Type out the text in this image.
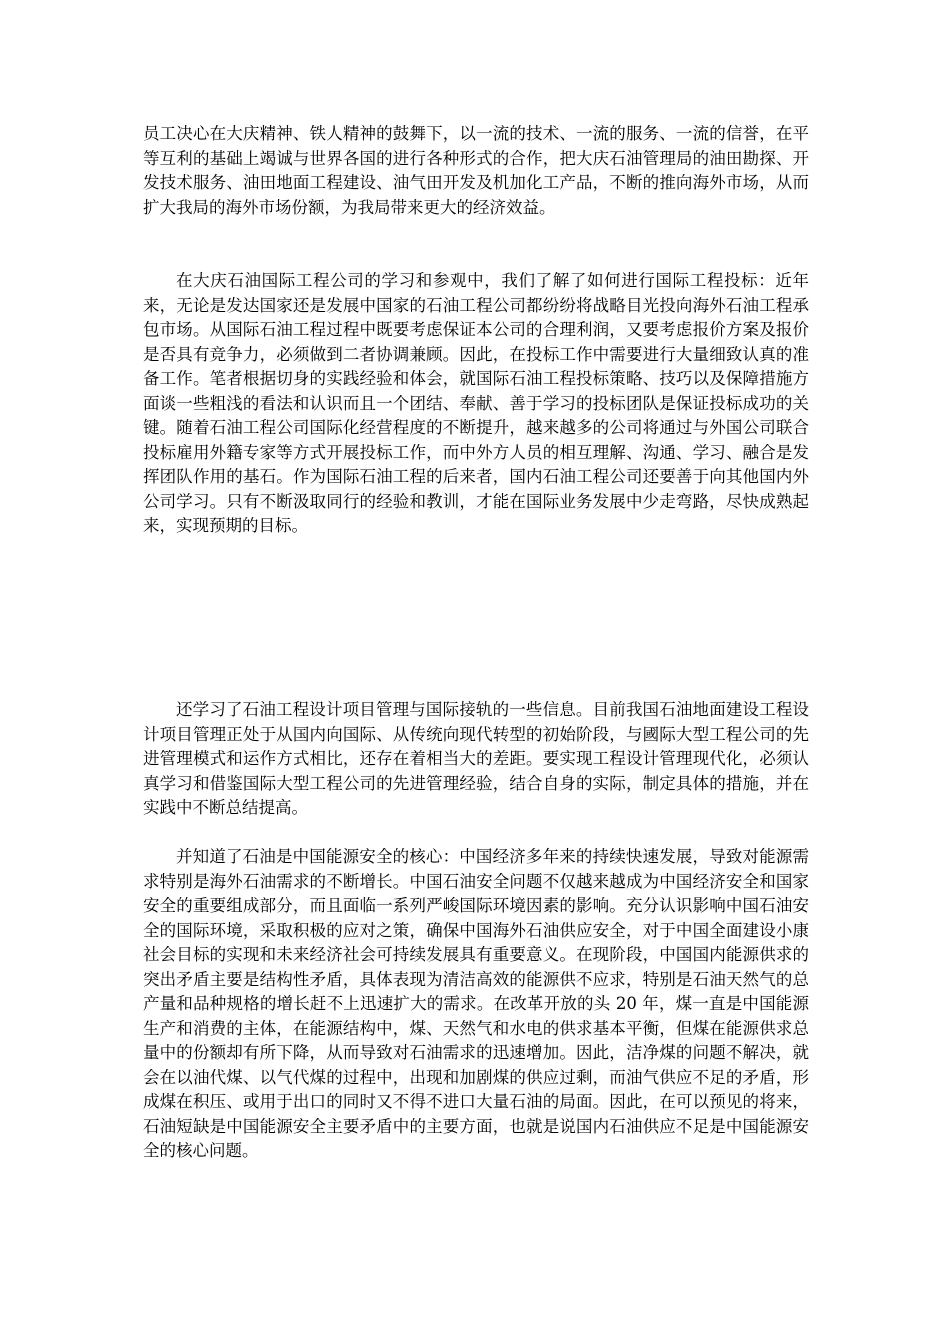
员工决心在大庆精神、铁人精神的鼓舞下，以一流的技术、一流的服务、一流的信誉，在平等互利的基础上竭诚与世界各国的进行各种形式的合作，把大庆石油管理局的油田勘探、开发技术服务、油田地面工程建设、油气田开发及机加化工产品，不断的推向海外市场，从而扩大我局的海外市场份额，为我局带来更大的经济效益。

在大庆石油国际工程公司的学习和参观中，我们了解了如何进行国际工程投标：近年来，无论是发达国家还是发展中国家的石油工程公司都纷纷将战略目光投向海外石油工程承包市场。从国际石油工程过程中既要考虑保证本公司的合理利润，又要考虑报价方案及报价是否具有竞争力，必须做到二者协调兼顾。因此，在投标工作中需要进行大量细致认真的准备工作。笔者根据切身的实践经验和体会，就国际石油工程投标策略、技巧以及保障措施方面谈一些粗浅的看法和认识而且一个团结、奉献、善于学习的投标团队是保证投标成功的关键。随着石油工程公司国际化经营程度的不断提升，越来越多的公司将通过与外国公司联合投标雇用外籍专家等方式开展投标工作，而中外方人员的相互理解、沟通、学习、融合是发挥团队作用的基石。作为国际石油工程的后来者，国内石油工程公司还要善于向其他国内外公司学习。只有不断汲取同行的经验和教训，才能在国际业务发展中少走弯路，尽快成熟起来，实现预期的目标。

还学习了石油工程设计项目管理与国际接轨的一些信息。目前我国石油地面建设工程设计项目管理正处于从国内向国际、从传统向现代转型的初始阶段，与國际大型工程公司的先进管理模式和运作方式相比，还存在着相当大的差距。要实现工程设计管理现代化，必须认真学习和借鉴国际大型工程公司的先进管理经验，结合自身的实际，制定具体的措施，并在实践中不断总结提高。

并知道了石油是中国能源安全的核心：中国经济多年来的持续快速发展，导致对能源需求特别是海外石油需求的不断增长。中国石油安全问题不仅越来越成为中国经济安全和国家安全的重要组成部分，而且面临一系列严峻国际环境因素的影响。充分认识影响中国石油安全的国际环境，采取积极的应对之策，确保中国海外石油供应安全，对于中国全面建设小康社会目标的实现和未来经济社会可持续发展具有重要意义。在现阶段，中国国内能源供求的突出矛盾主要是结构性矛盾，具体表现为清洁高效的能源供不应求，特别是石油天然气的总产量和品种规格的增长赶不上迅速扩大的需求。在改革开放的头 20 年，煤一直是中国能源生产和消费的主体，在能源结构中，煤、天然气和水电的供求基本平衡，但煤在能源供求总量中的份额却有所下降，从而导致对石油需求的迅速增加。因此，洁净煤的问题不解决，就会在以油代煤、以气代煤的过程中，出现和加剧煤的供应过剩，而油气供应不足的矛盾，形成煤在积压、或用于出口的同时又不得不进口大量石油的局面。因此，在可以预见的将来，石油短缺是中国能源安全主要矛盾中的主要方面，也就是说国内石油供应不足是中国能源安全的核心问题。
